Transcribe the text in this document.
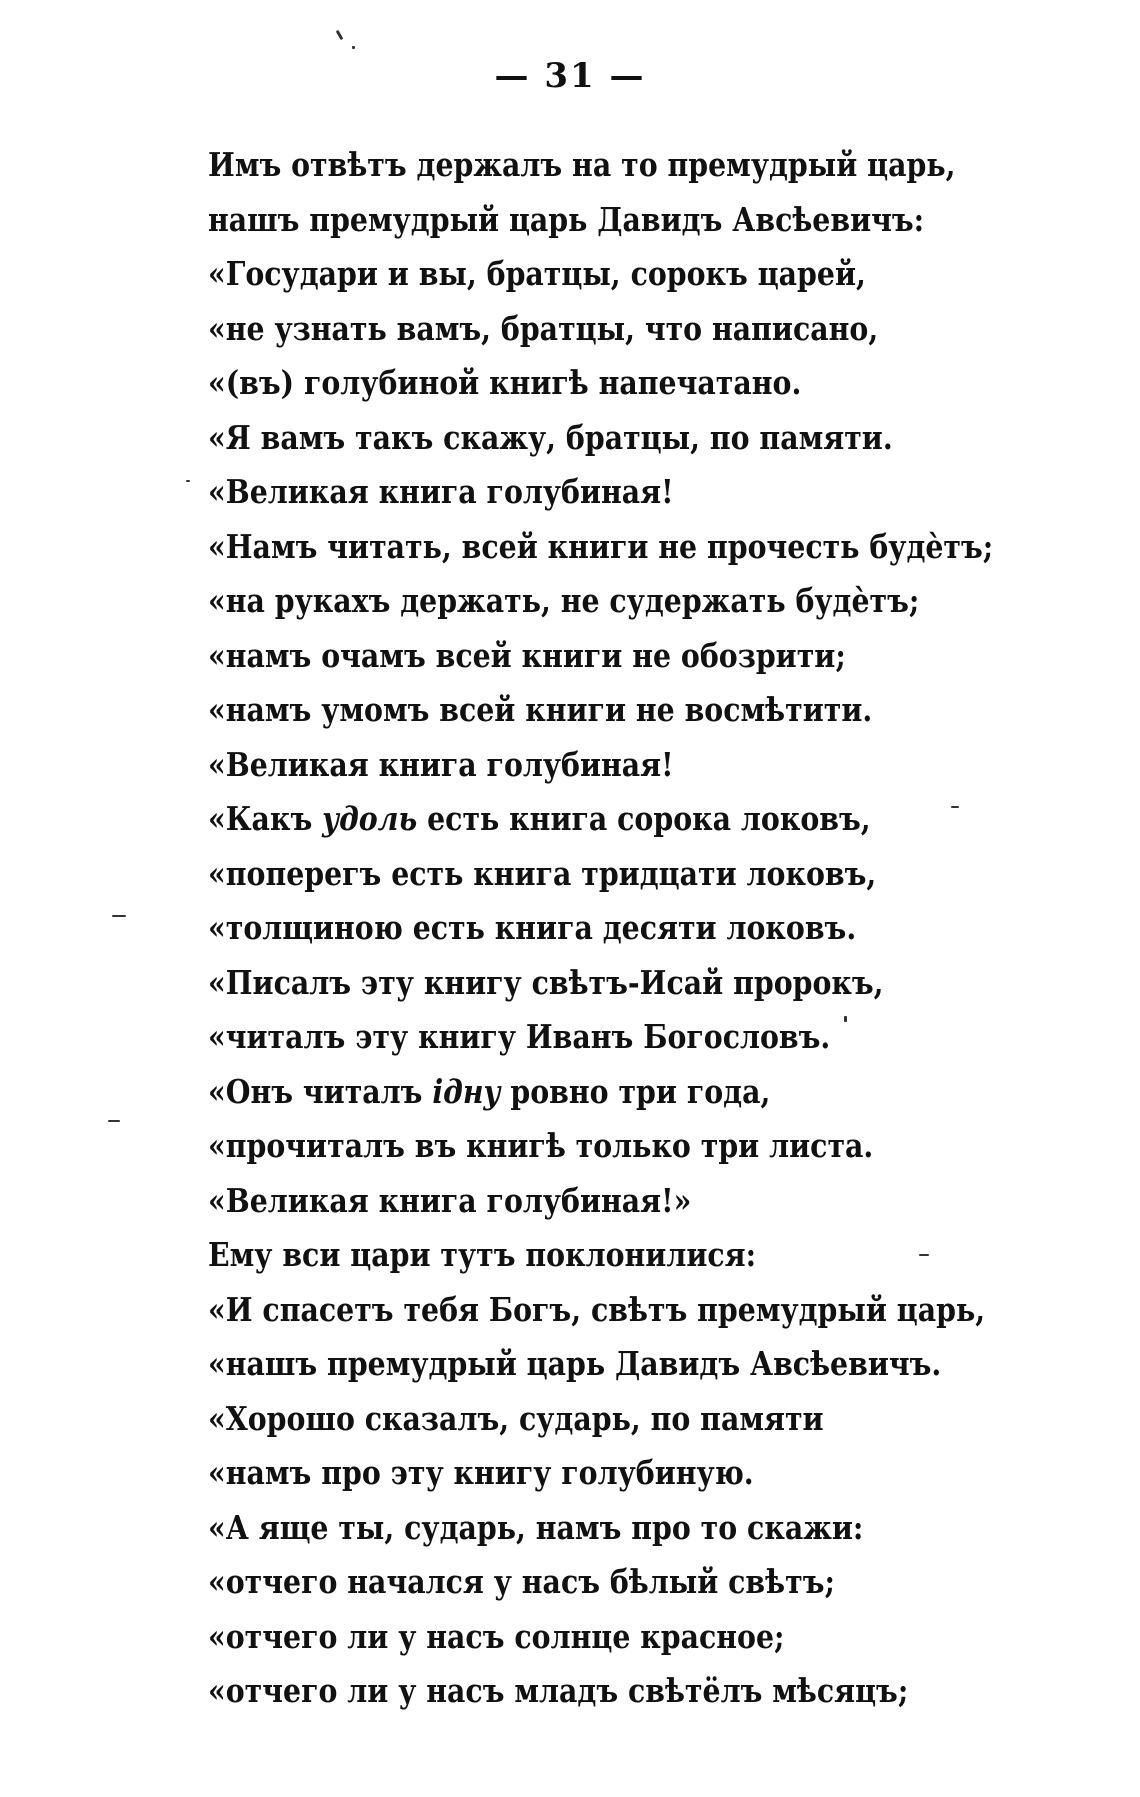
— 31 —
Имъ отвѣтъ держалъ на то премудрый царь,
нашъ премудрый царь Давидъ Авсѣевичъ:
«Государи и вы, братцы, сорокъ царей,
«не узнать вамъ, братцы, что написано,
«(въ) голубиной книгѣ напечатано.
«Я вамъ такъ скажу, братцы, по памяти.
«Великая книга голубиная!
«Намъ читать, всей книги не прочесть будѐтъ;
«на рукахъ держать, не судержать будѐтъ;
«намъ очамъ всей книги не обозрити;
«намъ умомъ всей книги не восмѣтити.
«Великая книга голубиная!
«Какъ удоль есть книга сорока локовъ,
«поперегъ есть книга тридцати локовъ,
«толщиною есть книга десяти локовъ.
«Писалъ эту книгу свѣтъ-Исай пророкъ,
«читалъ эту книгу Иванъ Богословъ.
«Онъ читалъ iдну ровно три года,
«прочиталъ въ книгѣ только три листа.
«Великая книга голубиная!»
Ему вси цари тутъ поклонилися:
«И спасетъ тебя Богъ, свѣтъ премудрый царь,
«нашъ премудрый царь Давидъ Авсѣевичъ.
«Хорошо сказалъ, сударь, по памяти
«намъ про эту книгу голубиную.
«А яще ты, сударь, намъ про то скажи:
«отчего начался у насъ бѣлый свѣтъ;
«отчего ли у насъ солнце красное;
«отчего ли у насъ младъ свѣтёлъ мѣсяцъ;
